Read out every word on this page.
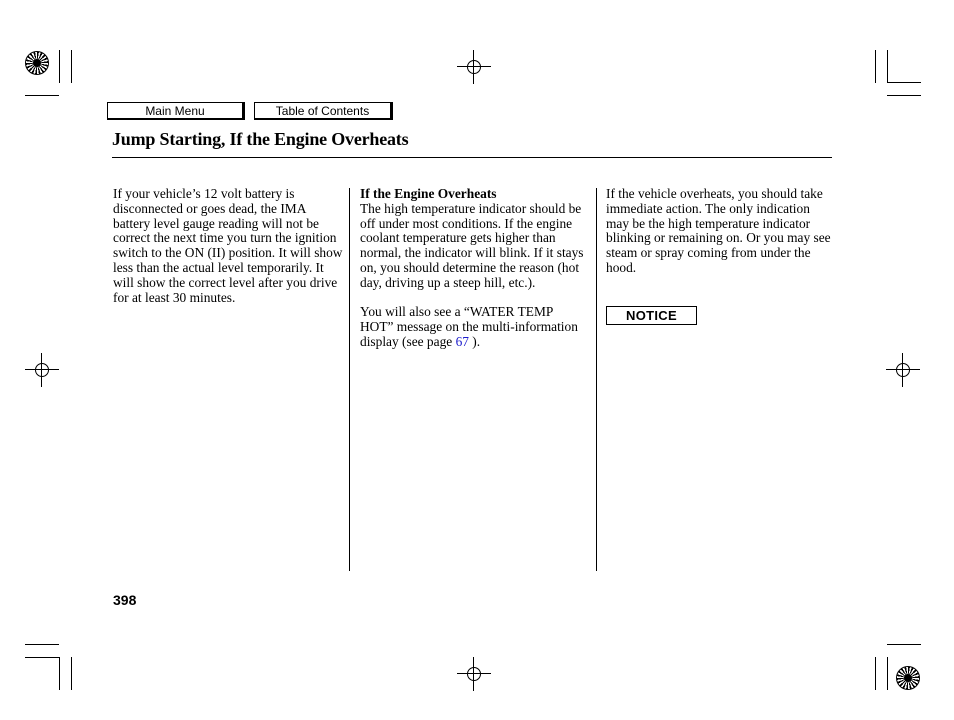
Main Menu	Table of Contents
Jump Starting, If the Engine Overheats

If your vehicle’s 12 volt battery is disconnected or goes dead, the IMA battery level gauge reading will not be correct the next time you turn the ignition switch to the ON (II) position. It will show less than the actual level temporarily. It will show the correct level after you drive for at least 30 minutes.

If the Engine Overheats

The high temperature indicator should be off under most conditions. If the engine coolant temperature gets higher than normal, the indicator will blink. If it stays on, you should determine the reason (hot day, driving up a steep hill, etc.).

You will also see a “WATER TEMP HOT” message on the multi-information display (see page 67 ).

If the vehicle overheats, you should take immediate action. The only indication may be the high temperature indicator blinking or remaining on. Or you may see steam or spray coming from under the hood.

NOTICE
398
